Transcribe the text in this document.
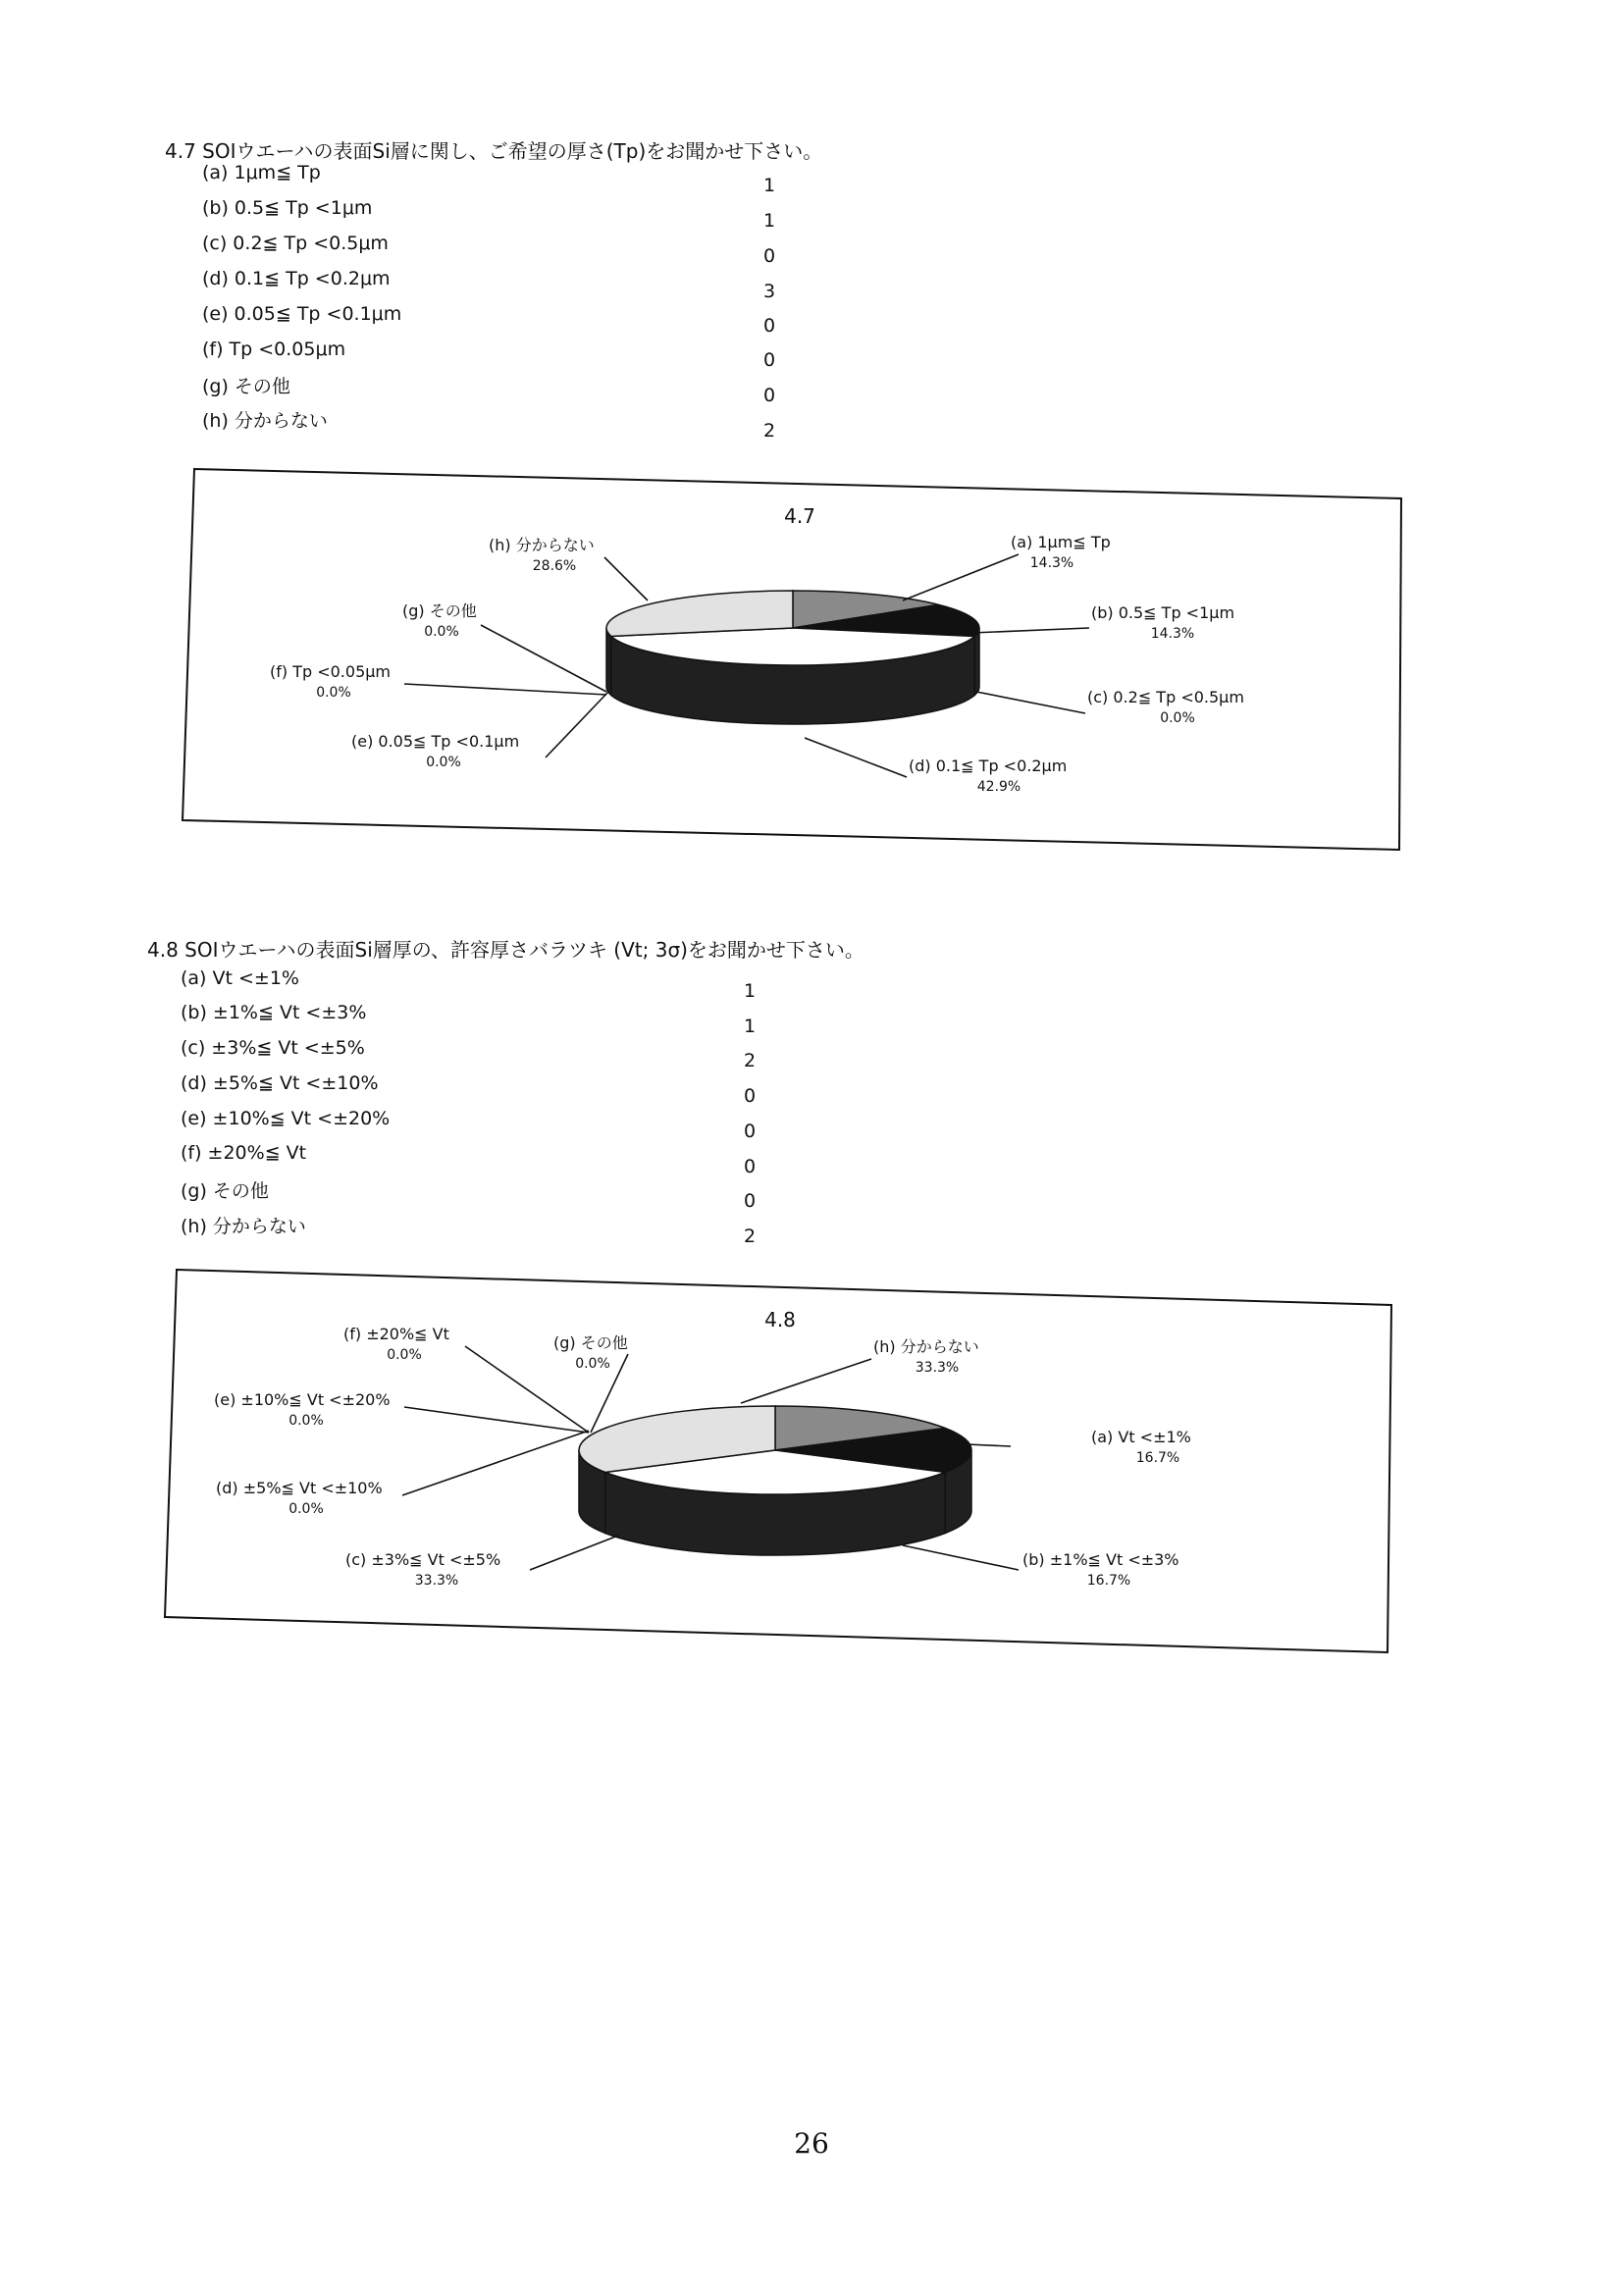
4.7 SOIウエーハの表面Si層に関し、ご希望の厚さ(Tp)をお聞かせ下さい。
(a) 1μm≦ Tp
(b) 0.5≦ Tp <1μm
(c) 0.2≦ Tp <0.5μm
(d) 0.1≦ Tp <0.2μm
(e) 0.05≦ Tp <0.1μm
(f) Tp <0.05μm
(g) その他
(h) 分からない
1
1
0
3
0
0
0
2
4.8 SOIウエーハの表面Si層厚の、許容厚さバラツキ (Vt; 3σ)をお聞かせ下さい。
(a) Vt <±1%
(b) ±1%≦ Vt <±3%
(c) ±3%≦ Vt <±5%
(d) ±5%≦ Vt <±10%
(e) ±10%≦ Vt <±20%
(f) ±20%≦ Vt
(g) その他
(h) 分からない
1
1
2
0
0
0
0
2
4.7
(a) 1μm≦ Tp
14.3%
(b) 0.5≦ Tp <1μm
14.3%
(c) 0.2≦ Tp <0.5μm
0.0%
(d) 0.1≦ Tp <0.2μm
42.9%
(e) 0.05≦ Tp <0.1μm
0.0%
(f) Tp <0.05μm
0.0%
(g) その他
0.0%
(h) 分からない
28.6%
4.8
(a) Vt <±1%
16.7%
(b) ±1%≦ Vt <±3%
16.7%
(c) ±3%≦ Vt <±5%
33.3%
(d) ±5%≦ Vt <±10%
0.0%
(e) ±10%≦ Vt <±20%
0.0%
(f) ±20%≦ Vt
0.0%
(g) その他
0.0%
(h) 分からない
33.3%
26
